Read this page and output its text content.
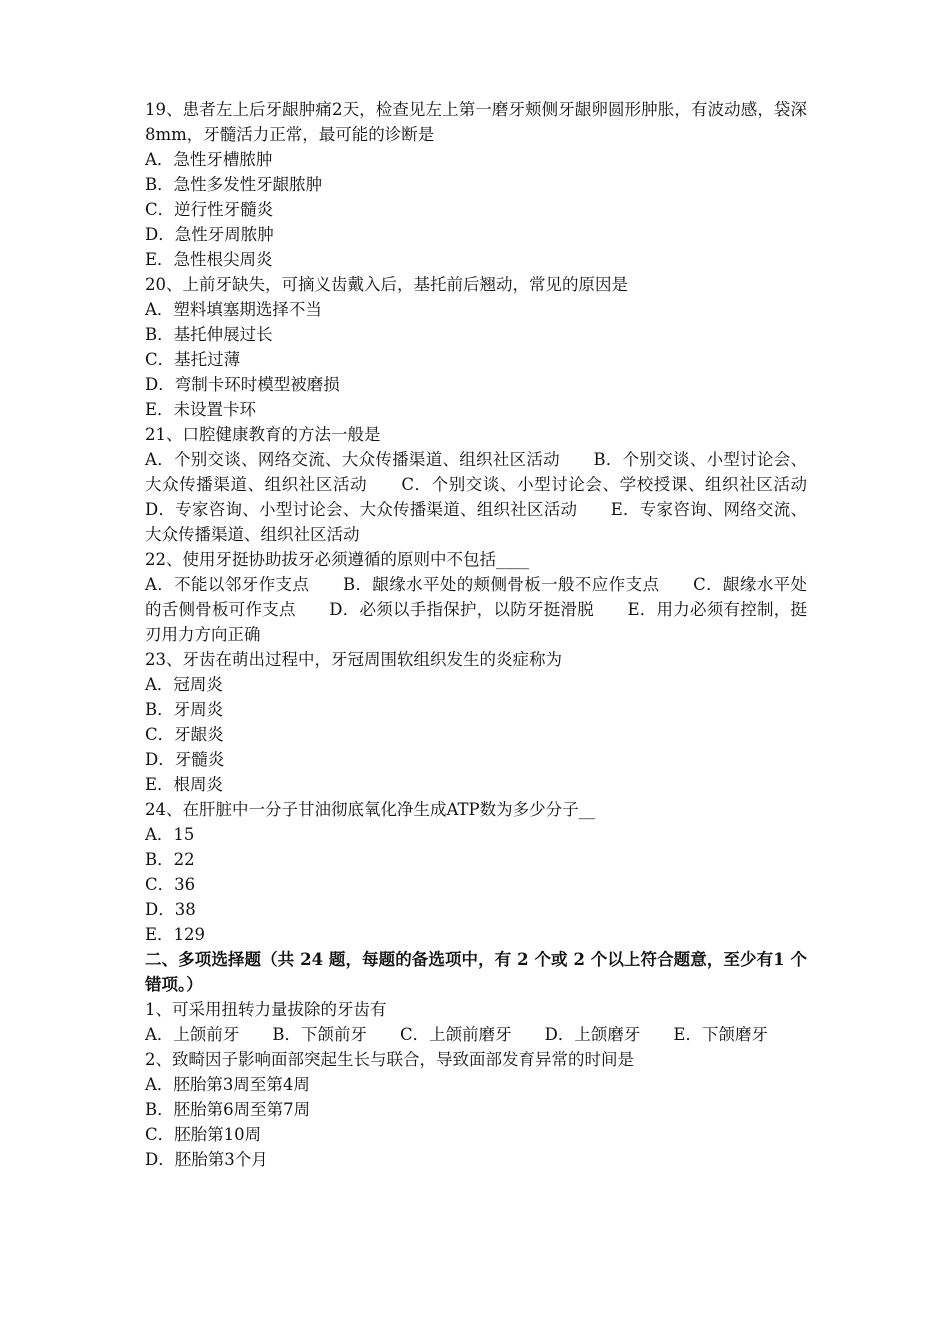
19、患者左上后牙龈肿痛2天，检查见左上第一磨牙颊侧牙龈卵圆形肿胀，有波动感，袋深8mm，牙髓活力正常，最可能的诊断是

A．急性牙槽脓肿

B．急性多发性牙龈脓肿

C．逆行性牙髓炎

D．急性牙周脓肿

E．急性根尖周炎

20、上前牙缺失，可摘义齿戴入后，基托前后翘动，常见的原因是

A．塑料填塞期选择不当

B．基托伸展过长

C．基托过薄

D．弯制卡环时模型被磨损

E．未设置卡环

21、口腔健康教育的方法一般是

A．个别交谈、网络交流、大众传播渠道、组织社区活动　　B．个别交谈、小型讨论会、大众传播渠道、组织社区活动　　C．个别交谈、小型讨论会、学校授课、组织社区活动　　D．专家咨询、小型讨论会、大众传播渠道、组织社区活动　　E．专家咨询、网络交流、大众传播渠道、组织社区活动

22、使用牙挺协助拔牙必须遵循的原则中不包括____

A．不能以邻牙作支点　　B．龈缘水平处的颊侧骨板一般不应作支点　　C．龈缘水平处的舌侧骨板可作支点　　D．必须以手指保护，以防牙挺滑脱　　E．用力必须有控制，挺刃用力方向正确

23、牙齿在萌出过程中，牙冠周围软组织发生的炎症称为

A．冠周炎

B．牙周炎

C．牙龈炎

D．牙髓炎

E．根周炎

24、在肝脏中一分子甘油彻底氧化净生成ATP数为多少分子__

A．15

B．22

C．36

D．38

E．129

二、多项选择题（共 24 题，每题的备选项中，有 2 个或 2 个以上符合题意，至少有1 个错项。）

1、可采用扭转力量拔除的牙齿有

A．上颌前牙　　B．下颌前牙　　C．上颌前磨牙　　D．上颌磨牙　　E．下颌磨牙

2、致畸因子影响面部突起生长与联合，导致面部发育异常的时间是

A．胚胎第3周至第4周

B．胚胎第6周至第7周

C．胚胎第10周

D．胚胎第3个月
